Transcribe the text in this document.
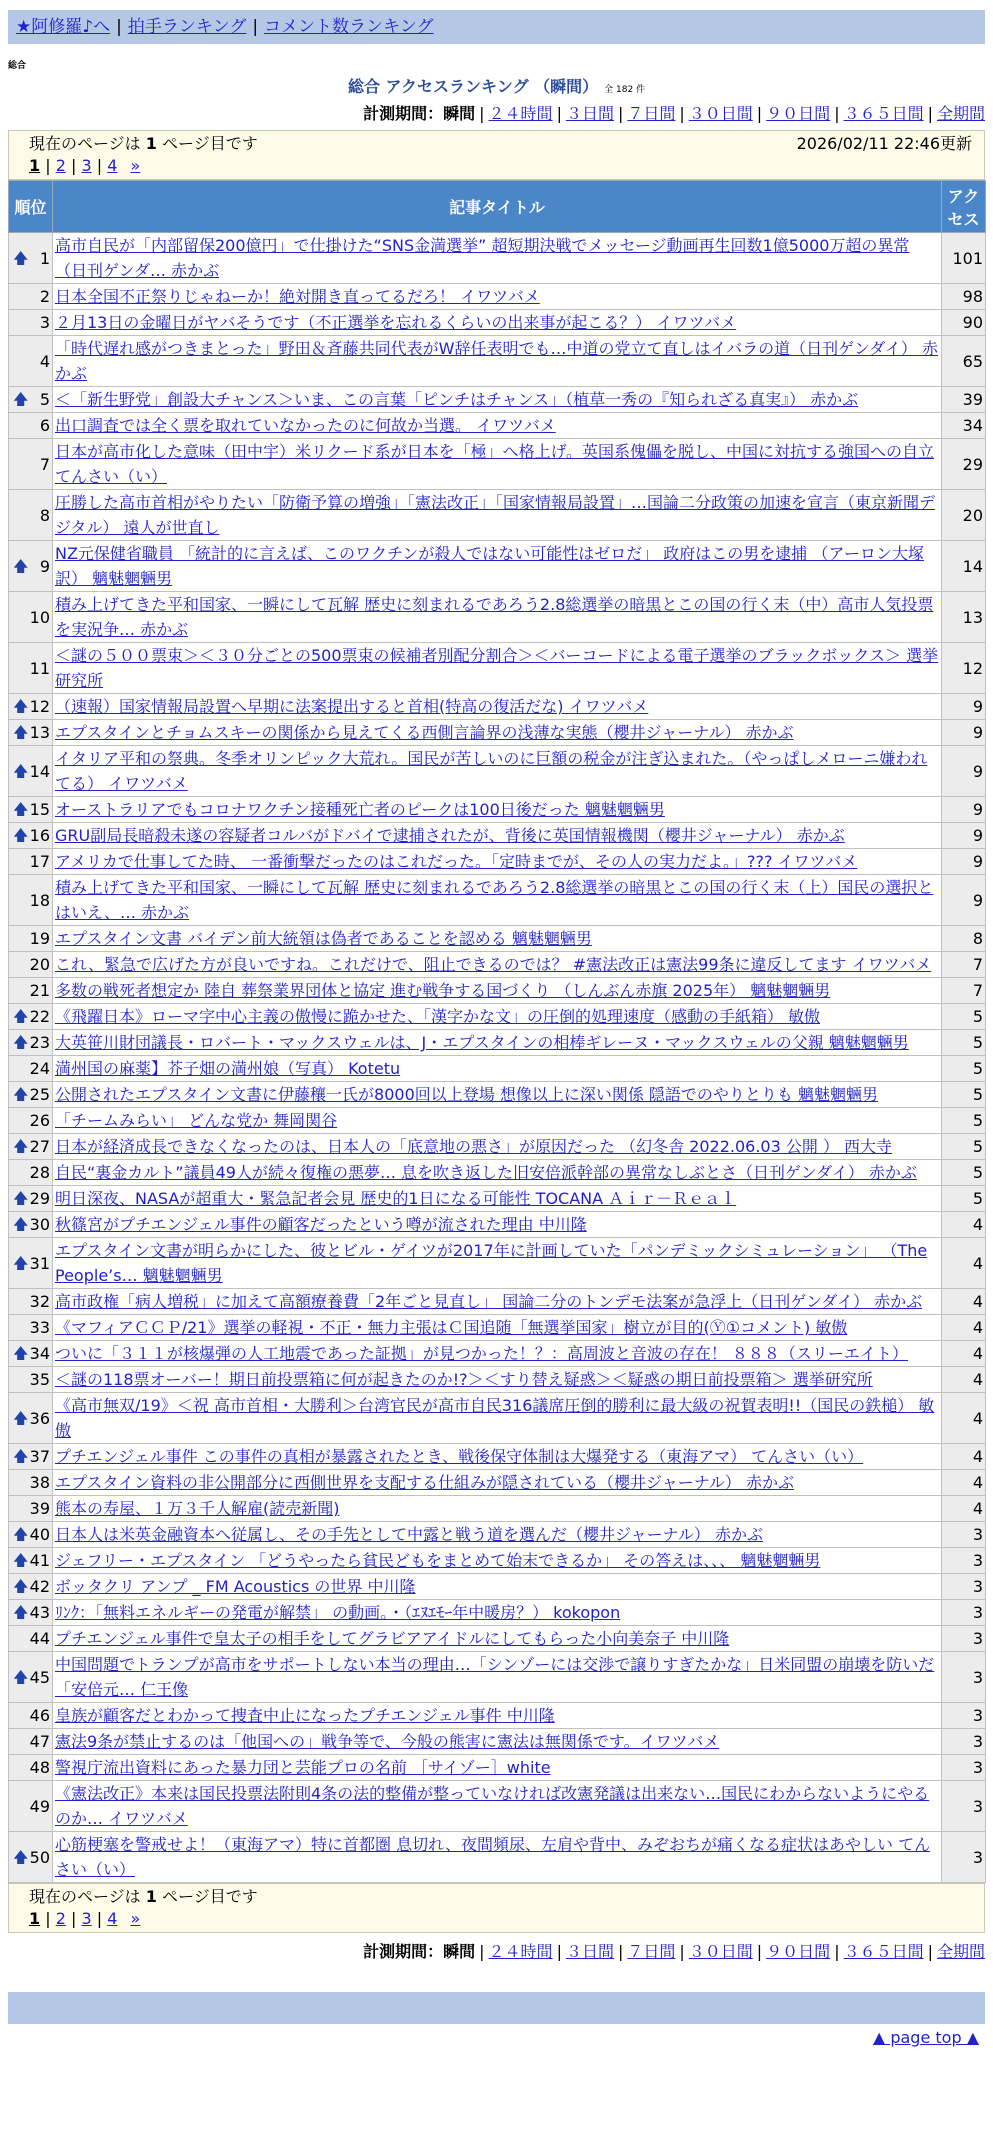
★阿修羅♪へ | 拍手ランキング | コメント数ランキング
総合
総合 アクセスランキング （瞬間） 全 182 件
計測期間：瞬間 | ２４時間 | ３日間 | ７日間 | ３０日間 | ９０日間 | ３６５日間 | 全期間
現在のページは 1 ページ目です	2026/02/11 22:46更新
1 | 2 | 3 | 4 »
順位	記事タイトル	アクセス

🡅 1	高市自民が「内部留保200億円」で仕掛けた“SNS金満選挙” 超短期決戦でメッセージ動画再生回数1億5000万超の異常（日刊ゲンダ… 赤かぶ	101
2	日本全国不正祭りじゃねーか！絶対開き直ってるだろ！ イワツバメ	98
3	２月13日の金曜日がヤバそうです（不正選挙を忘れるくらいの出来事が起こる？） イワツバメ	90
4	「時代遅れ感がつきまとった」野田＆斉藤共同代表がW辞任表明でも…中道の党立て直しはイバラの道（日刊ゲンダイ） 赤かぶ	65

🡅 5	＜「新生野党」創設大チャンス＞いま、この言葉「ピンチはチャンス」（植草一秀の『知られざる真実』） 赤かぶ	39
6	出口調査では全く票を取れていなかったのに何故か当選。 イワツバメ	34
7	日本が高市化した意味（田中宇）米リクード系が日本を「極」へ格上げ。英国系傀儡を脱し、中国に対抗する強国への自立 てんさい（い）	29
8	圧勝した高市首相がやりたい「防衛予算の増強」「憲法改正」「国家情報局設置」…国論二分政策の加速を宣言（東京新聞デジタル） 遠人が世直し	20

🡅 9	NZ元保健省職員 「統計的に言えば、このワクチンが殺人ではない可能性はゼロだ」 政府はこの男を逮捕 （アーロン大塚訳） 魑魅魍魎男	14
10	積み上げてきた平和国家、一瞬にして瓦解 歴史に刻まれるであろう2.8総選挙の暗黒とこの国の行く末（中）高市人気投票を実況争… 赤かぶ	13
11	＜謎の５００票束＞＜３０分ごとの500票束の候補者別配分割合＞＜バーコードによる電子選挙のブラックボックス＞ 選挙研究所	12

🡅 12	（速報）国家情報局設置へ早期に法案提出すると首相(特高の復活だな) イワツバメ	9

🡅 13	エプスタインとチョムスキーの関係から見えてくる西側言論界の浅薄な実態（櫻井ジャーナル） 赤かぶ	9

🡅 14	イタリア平和の祭典。冬季オリンピック大荒れ。国民が苦しいのに巨額の税金が注ぎ込まれた。（やっぱしメローニ嫌われてる） イワツバメ	9

🡅 15	オーストラリアでもコロナワクチン接種死亡者のピークは100日後だった 魑魅魍魎男	9

🡅 16	GRU副局長暗殺未遂の容疑者コルバがドバイで逮捕されたが、背後に英国情報機関（櫻井ジャーナル） 赤かぶ	9
17	アメリカで仕事してた時、 一番衝撃だったのはこれだった。「定時までが、その人の実力だよ。」??? イワツバメ	9
18	積み上げてきた平和国家、一瞬にして瓦解 歴史に刻まれるであろう2.8総選挙の暗黒とこの国の行く末（上）国民の選択とはいえ、… 赤かぶ	9
19	エプスタイン文書 バイデン前大統領は偽者であることを認める 魑魅魍魎男	8
20	これ、緊急で広げた方が良いですね。これだけで、阻止できるのでは？ #憲法改正は憲法99条に違反してます イワツバメ	7
21	多数の戦死者想定か 陸自 葬祭業界団体と協定 進む戦争する国づくり （しんぶん赤旗 2025年） 魑魅魍魎男	7

🡅 22	《飛躍日本》ローマ字中心主義の傲慢に跪かせた、「漢字かな文」の圧倒的処理速度（感動の手紙箱） 敏傲	5

🡅 23	大英笹川財団議長・ロバート・マックスウェルは、J・エプスタインの相棒ギレーヌ・マックスウェルの父親 魑魅魍魎男	5
24	満州国の麻薬】芥子畑の満州娘（写真） Kotetu	5

🡅 25	公開されたエプスタイン文書に伊藤穰一氏が8000回以上登場 想像以上に深い関係 隠語でのやりとりも 魑魅魍魎男	5
26	「チームみらい」 どんな党か 舞岡関谷	5

🡅 27	日本が経済成長できなくなったのは、日本人の「底意地の悪さ」が原因だった （幻冬舎 2022.06.03 公開 ） 西大寺	5
28	自民“裏金カルト”議員49人が続々復権の悪夢… 息を吹き返した旧安倍派幹部の異常なしぶとさ（日刊ゲンダイ） 赤かぶ	5

🡅 29	明日深夜、NASAが超重大・緊急記者会見 歴史的1日になる可能性 TOCANA Ａｉｒ－Ｒｅａｌ	5

🡅 30	秋篠宮がプチエンジェル事件の顧客だったという噂が流された理由 中川隆	4

🡅 31	エプスタイン文書が明らかにした、彼とビル・ゲイツが2017年に計画していた「パンデミックシミュレーション」 （The People’s… 魑魅魍魎男	4
32	高市政権「病人増税」に加えて高額療養費「2年ごと見直し」 国論二分のトンデモ法案が急浮上（日刊ゲンダイ） 赤かぶ	4
33	《マフィアＣＣＰ/21》選挙の軽視・不正・無力主張はＣ国追随「無選挙国家」樹立が目的(Ⓨ①コメント) 敏傲	4

🡅 34	ついに「３１１が核爆弾の人工地震であった証拠」が見つかった！？：高周波と音波の存在！ ８８８（スリーエイト）	4
35	＜謎の118票オーバー！期日前投票箱に何が起きたのか!?＞＜すり替え疑惑＞＜疑惑の期日前投票箱＞ 選挙研究所	4

🡅 36	《高市無双/19》＜祝 高市首相・大勝利＞台湾官民が高市自民316議席圧倒的勝利に最大級の祝賀表明!!（国民の鉄槌） 敏傲	4

🡅 37	プチエンジェル事件 この事件の真相が暴露されたとき、戦後保守体制は大爆発する（東海アマ） てんさい（い）	4
38	エプスタイン資料の非公開部分に西側世界を支配する仕組みが隠されている（櫻井ジャーナル） 赤かぶ	4
39	熊本の寿屋、１万３千人解雇(読売新聞)	4

🡅 40	日本人は米英金融資本へ従属し、その手先として中露と戦う道を選んだ（櫻井ジャーナル） 赤かぶ	3

🡅 41	ジェフリー・エプスタイン 「どうやったら貧民どもをまとめて始末できるか」 その答えは、、、 魑魅魍魎男	3

🡅 42	ボッタクリ アンプ _ FM Acoustics の世界 中川隆	3

🡅 43	ﾘﾝｸ：「無料エネルギーの発電が解禁」 の動画。・（ｴﾇｴﾓｰ年中暖房？） kokopon	3
44	プチエンジェル事件で皇太子の相手をしてグラビアアイドルにしてもらった小向美奈子 中川隆	3

🡅 45	中国問題でトランプが高市をサポートしない本当の理由…「シンゾーには交渉で譲りすぎたかな」日米同盟の崩壊を防いだ「安倍元… 仁王像	3
46	皇族が顧客だとわかって捜査中止になったプチエンジェル事件 中川隆	3
47	憲法9条が禁止するのは「他国への」戦争等で、今般の熊害に憲法は無関係です。イワツバメ	3
48	警視庁流出資料にあった暴力団と芸能プロの名前 ［サイゾー］white	3
49	《憲法改正》本来は国民投票法附則4条の法的整備が整っていなければ改憲発議は出来ない…国民にわからないようにやるのか… イワツバメ	3

🡅 50	心筋梗塞を警戒せよ！（東海アマ）特に首都圏 息切れ、夜間頻尿、左肩や背中、みぞおちが痛くなる症状はあやしい てんさい（い）	3
現在のページは 1 ページ目です
1 | 2 | 3 | 4 »
計測期間：瞬間 | ２４時間 | ３日間 | ７日間 | ３０日間 | ９０日間 | ３６５日間 | 全期間
▲ page top ▲
